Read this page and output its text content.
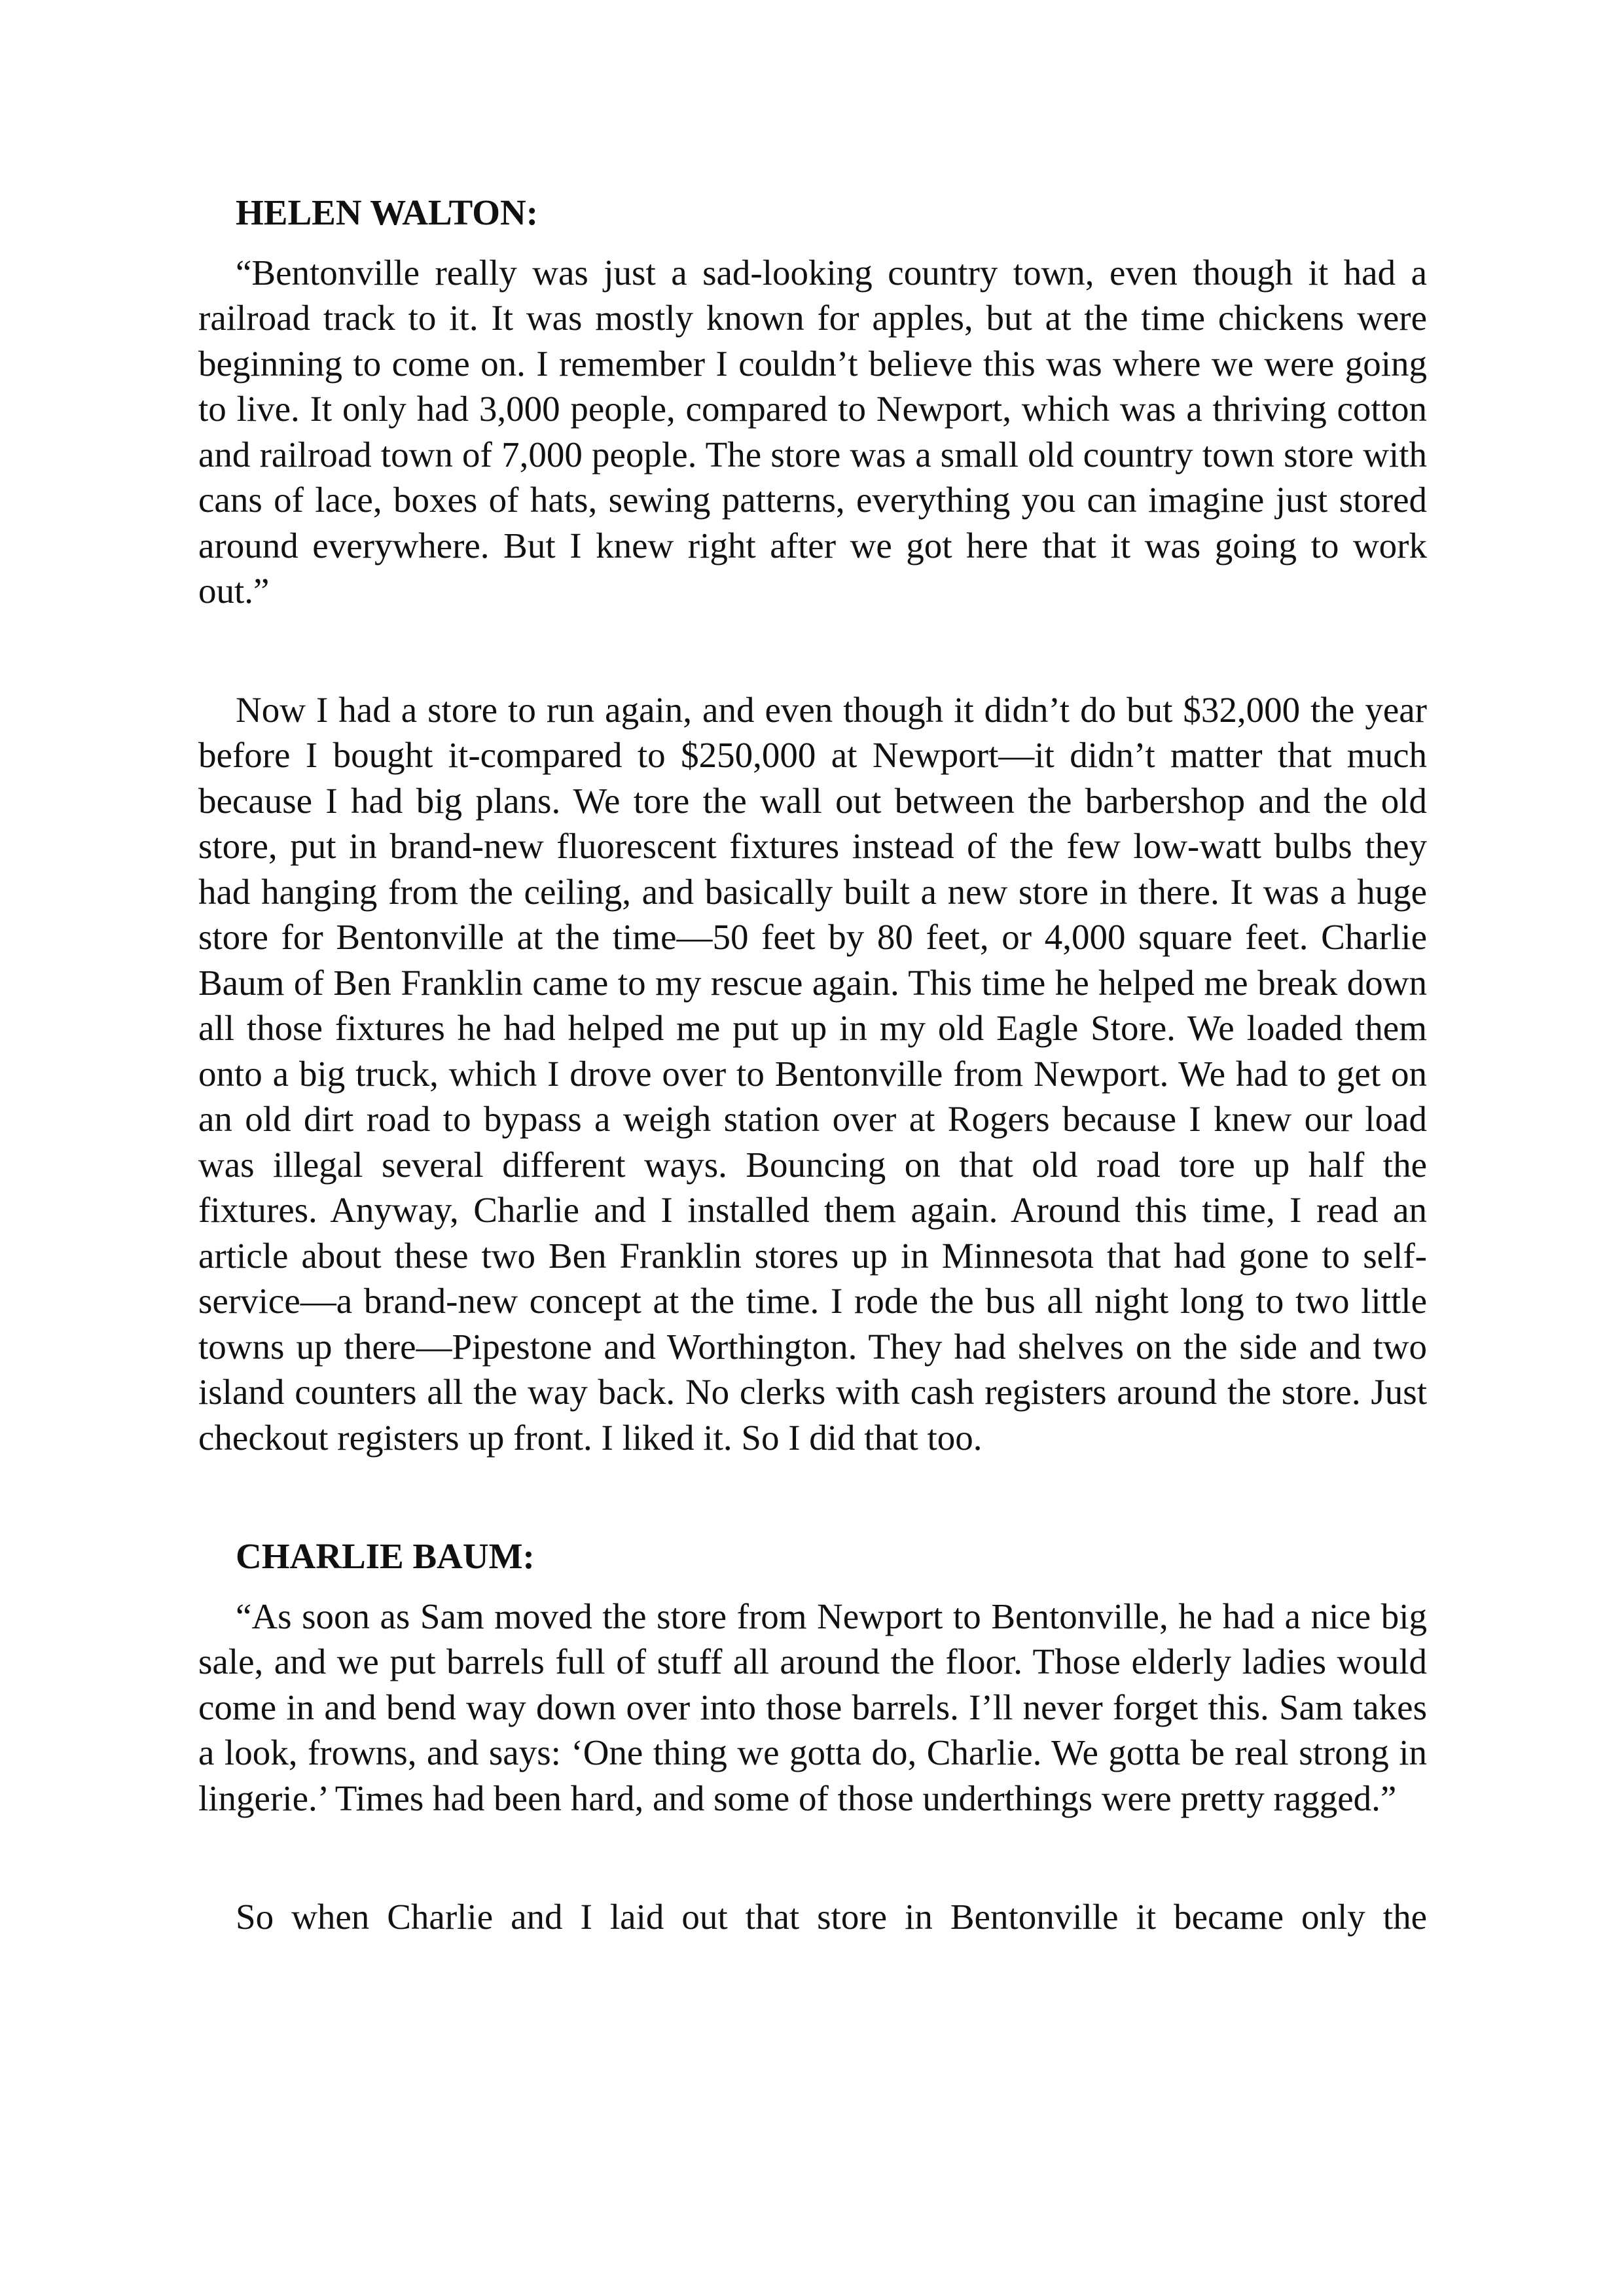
HELEN WALTON:

“Bentonville really was just a sad-looking country town, even though it had a railroad track to it. It was mostly known for apples, but at the time chickens were beginning to come on. I remember I couldn’t believe this was where we were going to live. It only had 3,000 people, compared to Newport, which was a thriving cotton and railroad town of 7,000 people. The store was a small old country town store with cans of lace, boxes of hats, sewing patterns, everything you can imagine just stored around everywhere. But I knew right after we got here that it was going to work out.”

Now I had a store to run again, and even though it didn’t do but $32,000 the year before I bought it-compared to $250,000 at Newport—it didn’t matter that much because I had big plans. We tore the wall out between the barbershop and the old store, put in brand-new fluorescent fixtures instead of the few low-watt bulbs they had hanging from the ceiling, and basically built a new store in there. It was a huge store for Bentonville at the time—50 feet by 80 feet, or 4,000 square feet. Charlie Baum of Ben Franklin came to my rescue again. This time he helped me break down all those fixtures he had helped me put up in my old Eagle Store. We loaded them onto a big truck, which I drove over to Bentonville from Newport. We had to get on an old dirt road to bypass a weigh station over at Rogers because I knew our load was illegal several different ways. Bouncing on that old road tore up half the fixtures. Anyway, Charlie and I installed them again. Around this time, I read an article about these two Ben Franklin stores up in Minnesota that had gone to self-service—a brand-new concept at the time. I rode the bus all night long to two little towns up there—Pipestone and Worthington. They had shelves on the side and two island counters all the way back. No clerks with cash registers around the store. Just checkout registers up front. I liked it. So I did that too.

CHARLIE BAUM:

“As soon as Sam moved the store from Newport to Bentonville, he had a nice big sale, and we put barrels full of stuff all around the floor. Those elderly ladies would come in and bend way down over into those barrels. I’ll never forget this. Sam takes a look, frowns, and says: ‘One thing we gotta do, Charlie. We gotta be real strong in lingerie.’ Times had been hard, and some of those underthings were pretty ragged.”

So when Charlie and I laid out that store in Bentonville it became only the
